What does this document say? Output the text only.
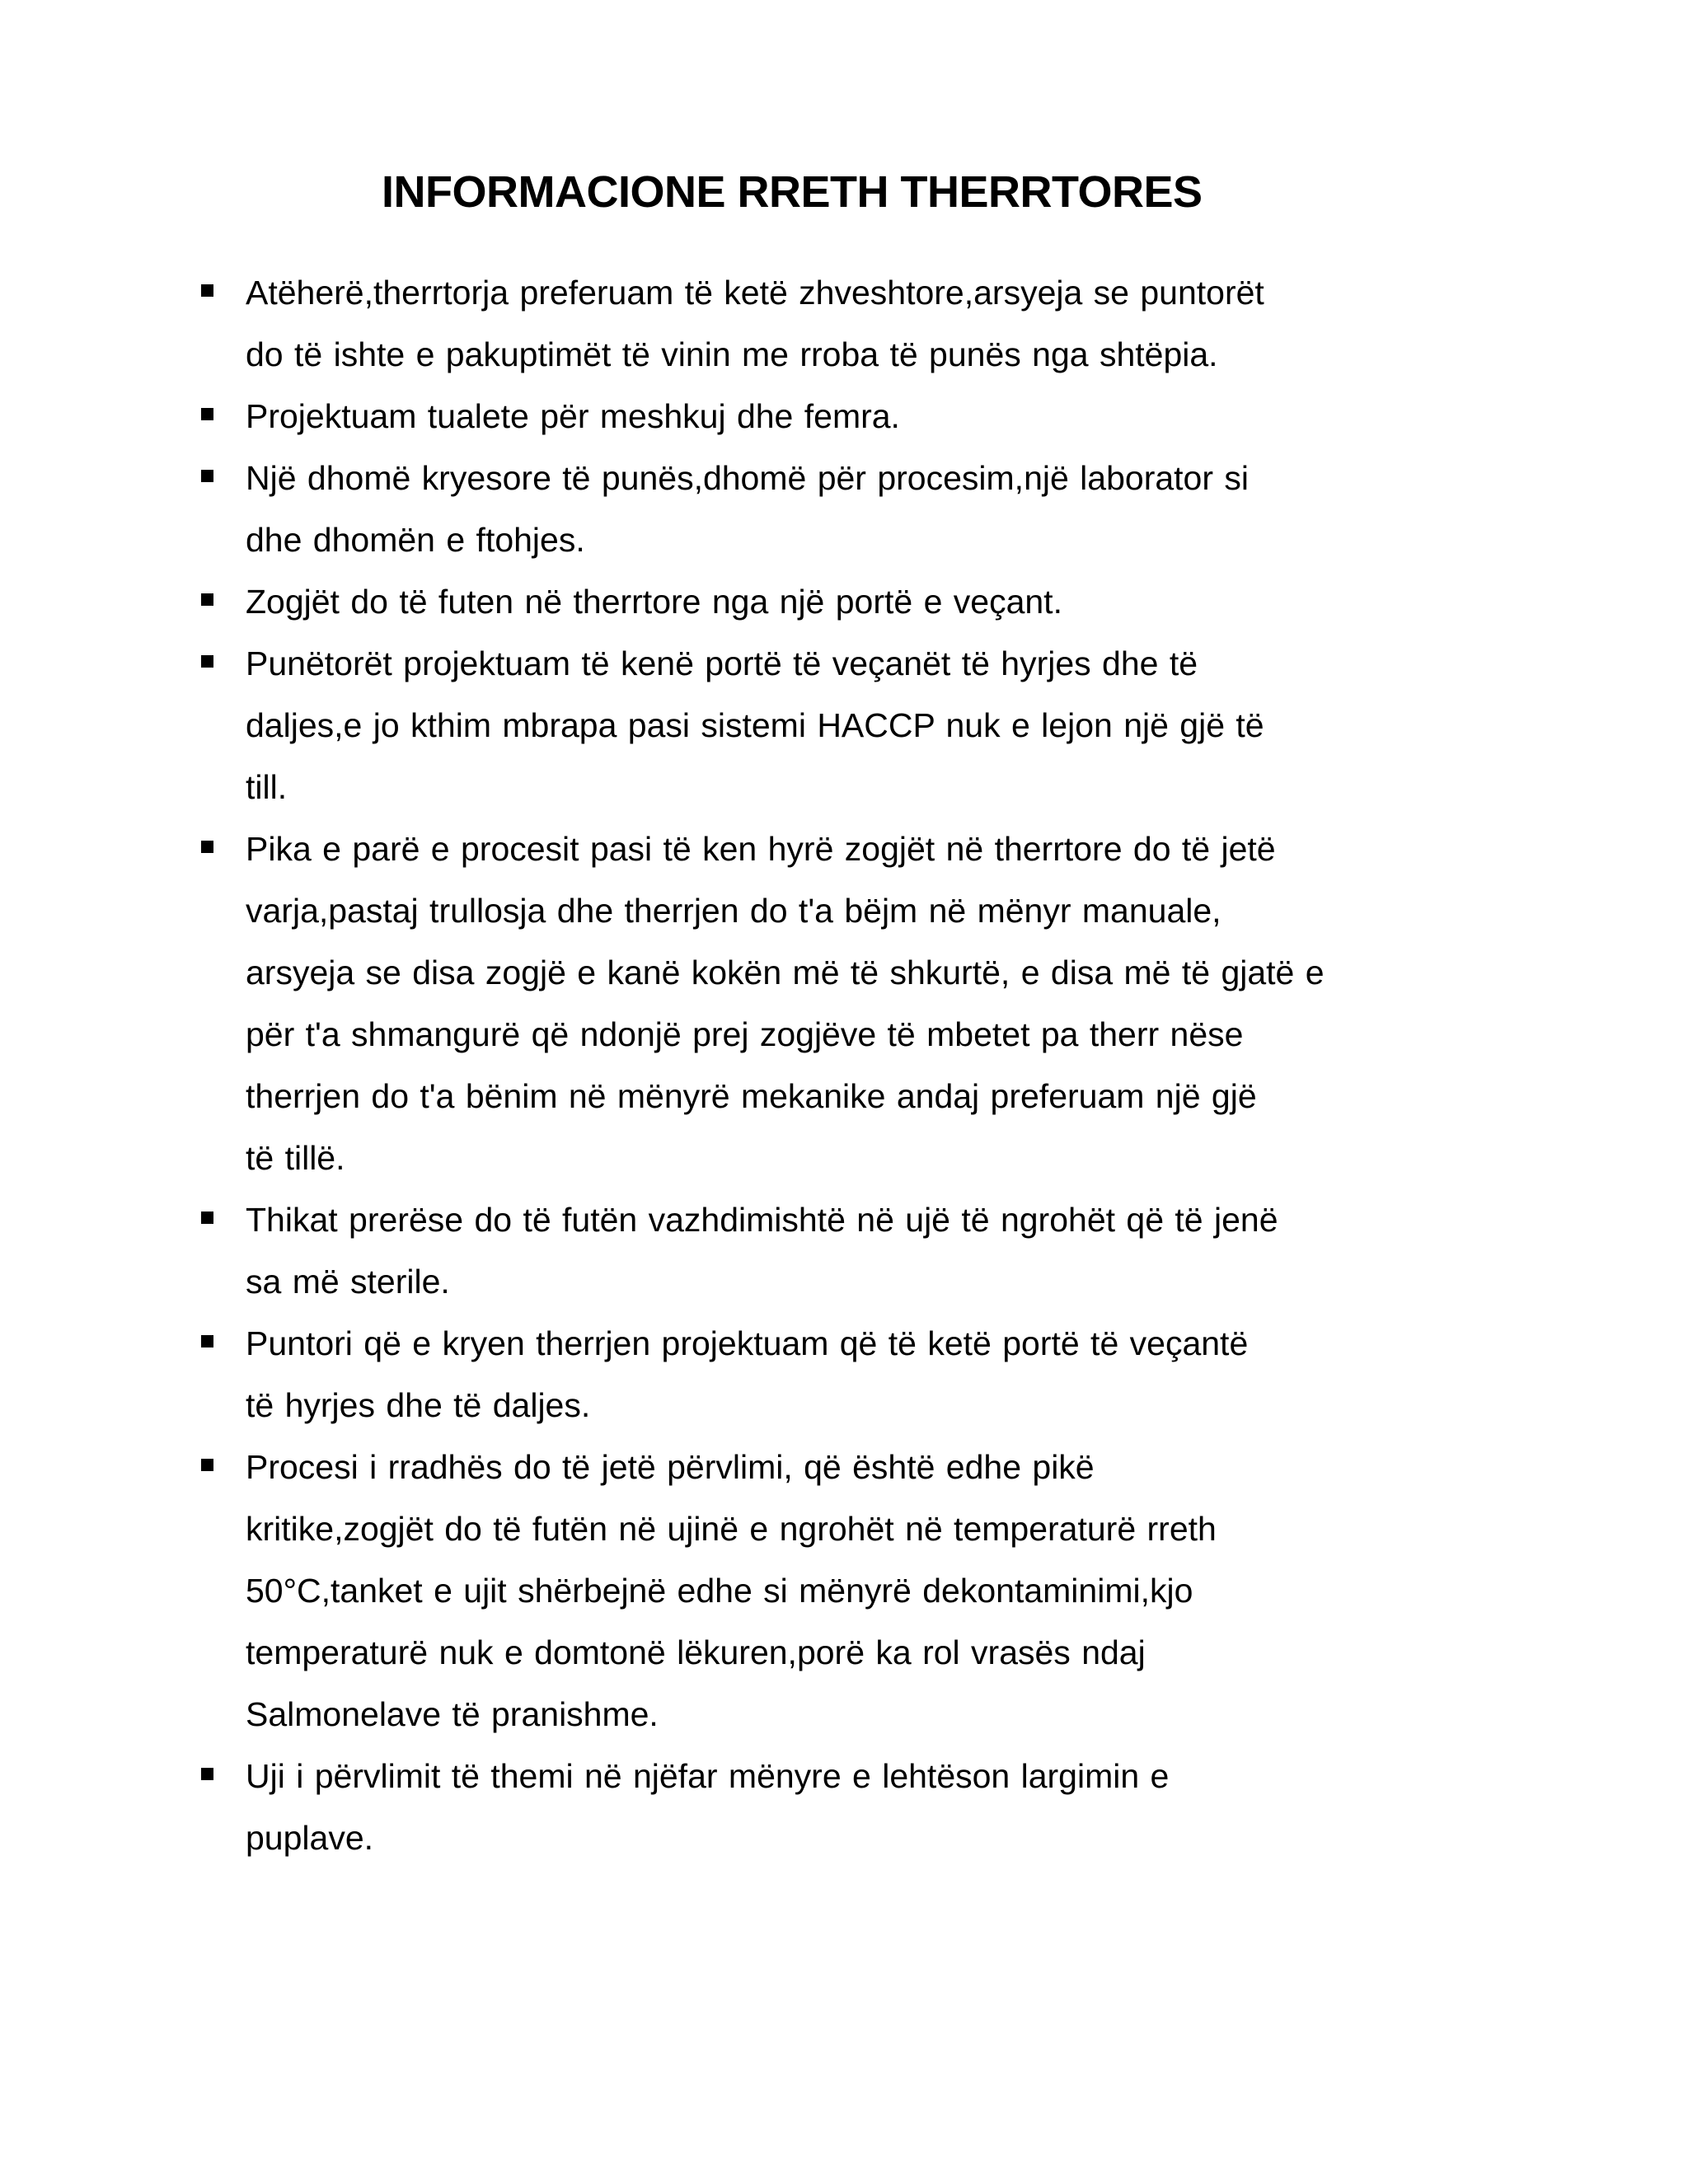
INFORMACIONE RRETH THERRTORES
Atëherë,therrtorja preferuam të ketë zhveshtore,arsyeja se puntorët
do të ishte e pakuptimët të vinin me rroba të punës nga shtëpia.
Projektuam tualete për meshkuj dhe femra.
Një dhomë kryesore të punës,dhomë për procesim,një laborator si
dhe dhomën e ftohjes.
Zogjët do të futen në therrtore nga një portë e veçant.
Punëtorët projektuam të kenë portë të veçanët të hyrjes dhe të
daljes,e jo kthim mbrapa pasi sistemi HACCP nuk e lejon një gjë të
till.
Pika e parë e procesit pasi të ken hyrë zogjët në therrtore do të jetë
varja,pastaj trullosja dhe therrjen do tʹa bëjm në mënyr manuale,
arsyeja se disa zogjë e kanë kokën më të shkurtë, e disa më të gjatë e
për tʹa shmangurë që ndonjë prej zogjëve të mbetet pa therr nëse
therrjen do tʹa bënim në mënyrë mekanike andaj preferuam një gjë
të tillë.
Thikat prerëse do të futën vazhdimishtë në ujë të ngrohët që të jenë
sa më sterile.
Puntori që e kryen therrjen projektuam që të ketë portë të veçantë
të hyrjes dhe të daljes.
Procesi i rradhës do të jetë përvlimi, që është edhe pikë
kritike,zogjët do të futën në ujinë e ngrohët në temperaturë rreth
50°C,tanket e ujit shërbejnë edhe si mënyrë dekontaminimi,kjo
temperaturë nuk e domtonë lëkuren,porë ka rol vrasës ndaj
Salmonelave të pranishme.
Uji i përvlimit të themi në njëfar mënyre e lehtëson largimin e
puplave.
